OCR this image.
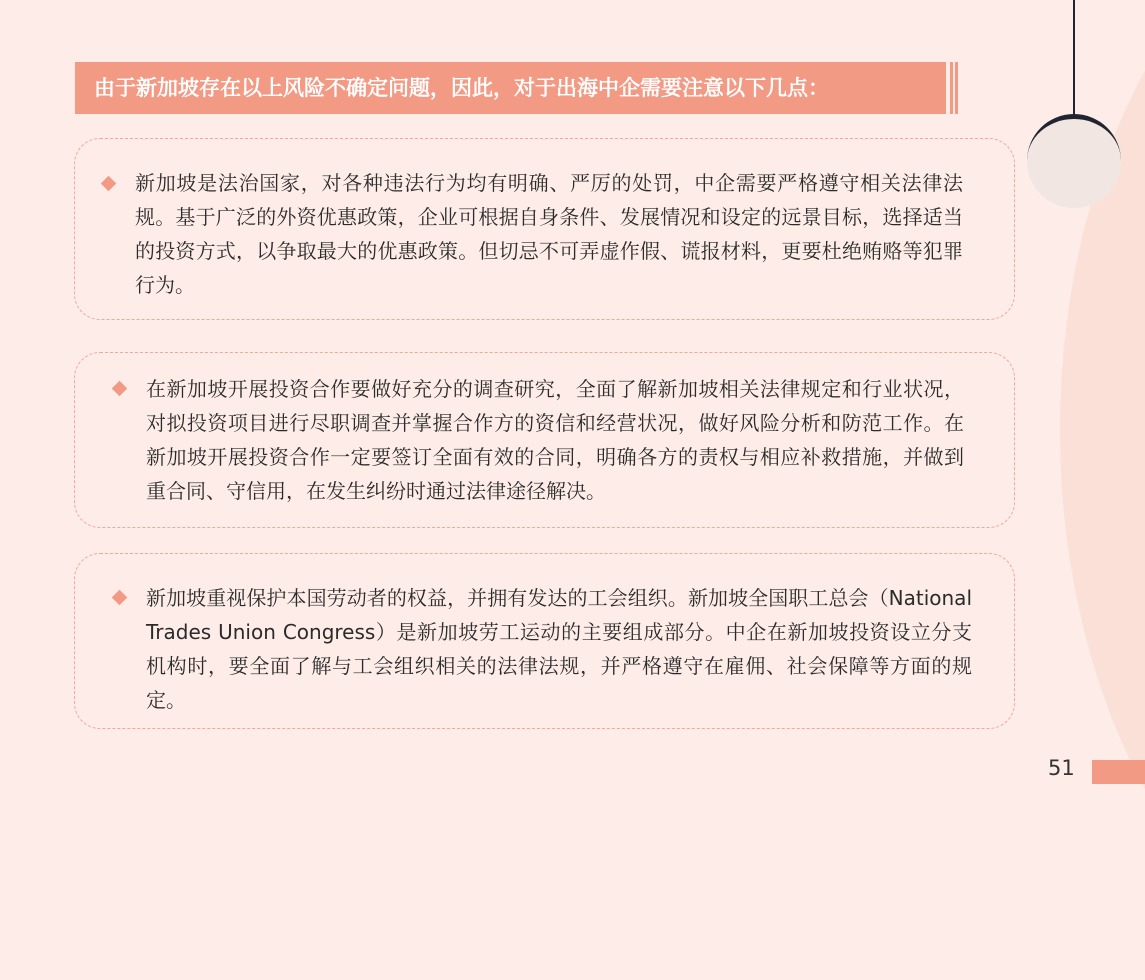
由于新加坡存在以上风险不确定问题，因此，对于出海中企需要注意以下几点：
新加坡是法治国家，对各种违法行为均有明确、严厉的处罚，中企需要严格遵守相关法律法规。基于广泛的外资优惠政策，企业可根据自身条件、发展情况和设定的远景目标，选择适当的投资方式，以争取最大的优惠政策。但切忌不可弄虚作假、谎报材料，更要杜绝贿赂等犯罪行为。
在新加坡开展投资合作要做好充分的调查研究，全面了解新加坡相关法律规定和行业状况，对拟投资项目进行尽职调查并掌握合作方的资信和经营状况，做好风险分析和防范工作。在新加坡开展投资合作一定要签订全面有效的合同，明确各方的责权与相应补救措施，并做到重合同、守信用，在发生纠纷时通过法律途径解决。
新加坡重视保护本国劳动者的权益，并拥有发达的工会组织。新加坡全国职工总会（National Trades Union Congress）是新加坡劳工运动的主要组成部分。中企在新加坡投资设立分支机构时，要全面了解与工会组织相关的法律法规，并严格遵守在雇佣、社会保障等方面的规定。
51
